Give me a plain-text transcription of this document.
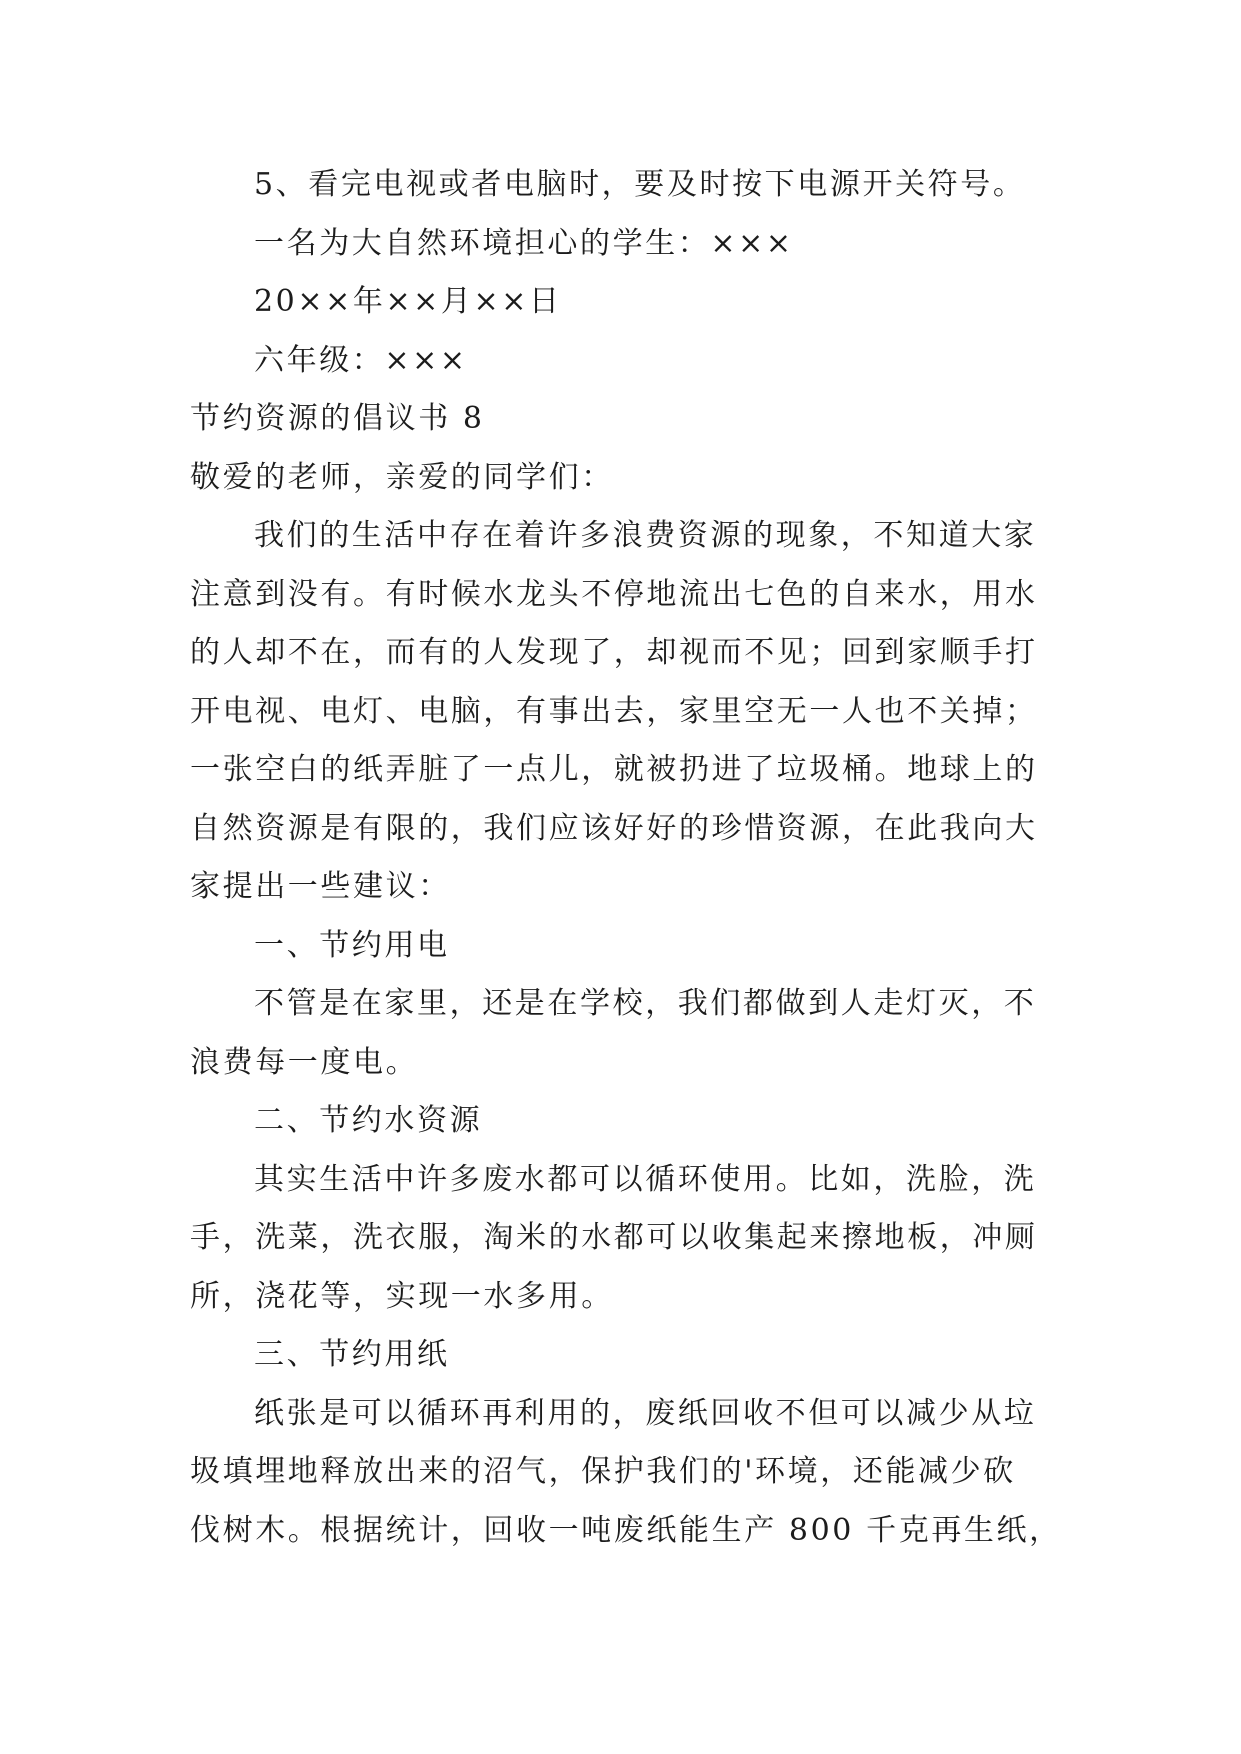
5、看完电视或者电脑时，要及时按下电源开关符号。
一名为大自然环境担心的学生：×××
20××年××月××日
六年级：×××
节约资源的倡议书 8
敬爱的老师，亲爱的同学们：
我们的生活中存在着许多浪费资源的现象，不知道大家
注意到没有。有时候水龙头不停地流出七色的自来水，用水
的人却不在，而有的人发现了，却视而不见；回到家顺手打
开电视、电灯、电脑，有事出去，家里空无一人也不关掉；
一张空白的纸弄脏了一点儿，就被扔进了垃圾桶。地球上的
自然资源是有限的，我们应该好好的珍惜资源，在此我向大
家提出一些建议：
一、节约用电
不管是在家里，还是在学校，我们都做到人走灯灭，不
浪费每一度电。
二、节约水资源
其实生活中许多废水都可以循环使用。比如，洗脸，洗
手，洗菜，洗衣服，淘米的水都可以收集起来擦地板，冲厕
所，浇花等，实现一水多用。
三、节约用纸
纸张是可以循环再利用的，废纸回收不但可以减少从垃
圾填埋地释放出来的沼气，保护我们的'环境，还能减少砍
伐树木。根据统计，回收一吨废纸能生产 800 千克再生纸，
